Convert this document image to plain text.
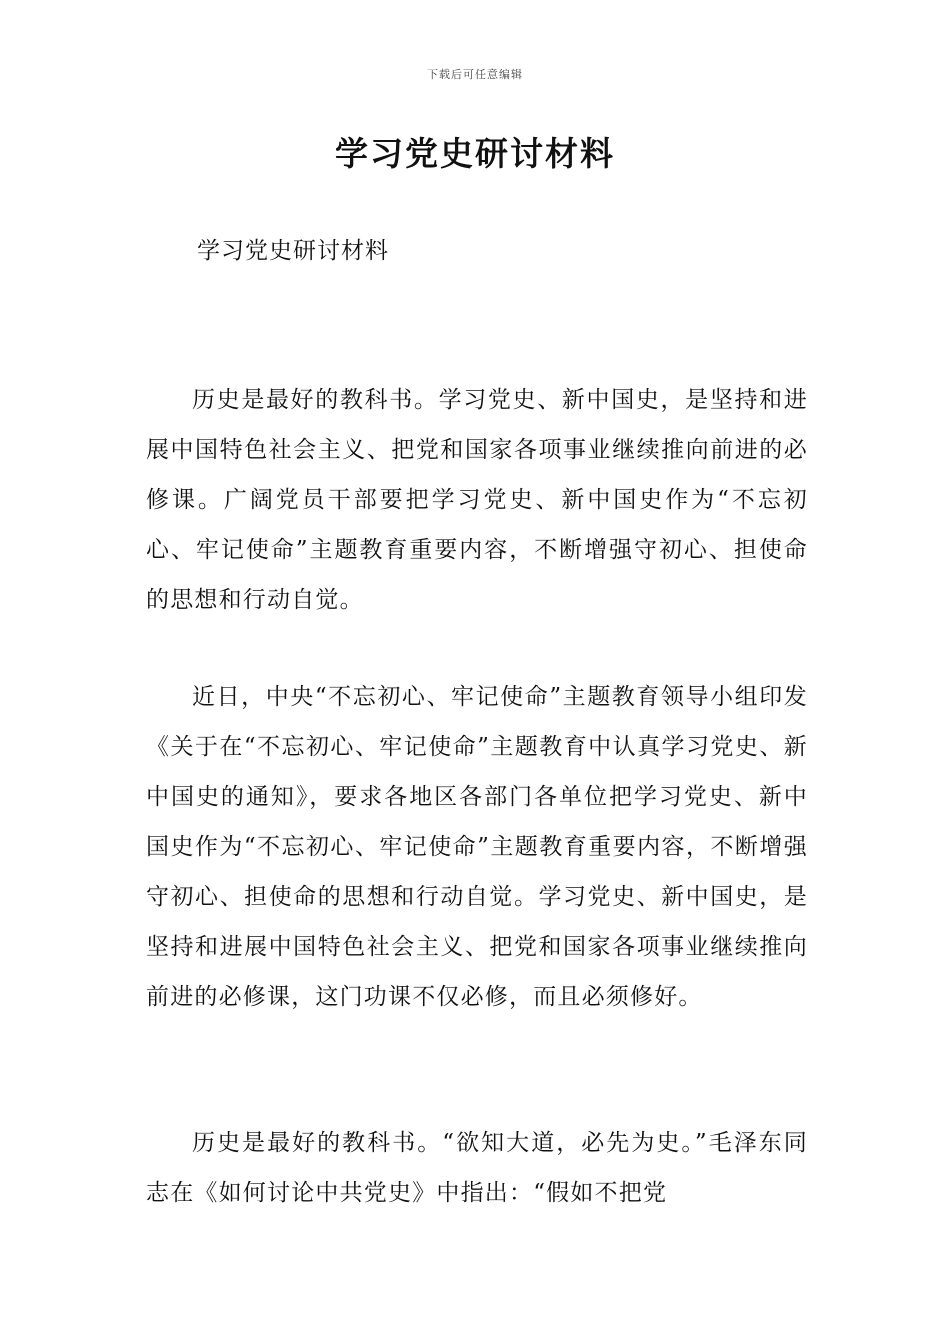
下载后可任意编辑
学习党史研讨材料

学习党史研讨材料

历史是最好的教科书。学习党史、新中国史，是坚持和进展中国特色社会主义、把党和国家各项事业继续推向前进的必修课。广阔党员干部要把学习党史、新中国史作为“不忘初心、牢记使命”主题教育重要内容，不断增强守初心、担使命的思想和行动自觉。

近日，中央“不忘初心、牢记使命”主题教育领导小组印发《关于在“不忘初心、牢记使命”主题教育中认真学习党史、新中国史的通知》，要求各地区各部门各单位把学习党史、新中国史作为“不忘初心、牢记使命”主题教育重要内容，不断增强守初心、担使命的思想和行动自觉。学习党史、新中国史，是坚持和进展中国特色社会主义、把党和国家各项事业继续推向前进的必修课，这门功课不仅必修，而且必须修好。

历史是最好的教科书。“欲知大道，必先为史。”毛泽东同志在《如何讨论中共党史》中指出：“假如不把党
